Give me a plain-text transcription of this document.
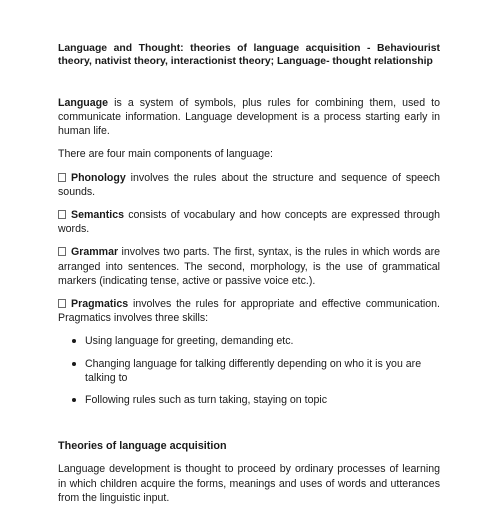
Language and Thought: theories of language acquisition - Behaviourist theory, nativist theory, interactionist theory; Language- thought relationship

Language is a system of symbols, plus rules for combining them, used to communicate information. Language development is a process starting early in human life.

There are four main components of language:

Phonology involves the rules about the structure and sequence of speech sounds.

Semantics consists of vocabulary and how concepts are expressed through words.

Grammar involves two parts. The first, syntax, is the rules in which words are arranged into sentences. The second, morphology, is the use of grammatical markers (indicating tense, active or passive voice etc.).

Pragmatics involves the rules for appropriate and effective communication. Pragmatics involves three skills:

Using language for greeting, demanding etc.
Changing language for talking differently depending on who it is you are talking to
Following rules such as turn taking, staying on topic

Theories of language acquisition

Language development is thought to proceed by ordinary processes of learning in which children acquire the forms, meanings and uses of words and utterances from the linguistic input.
